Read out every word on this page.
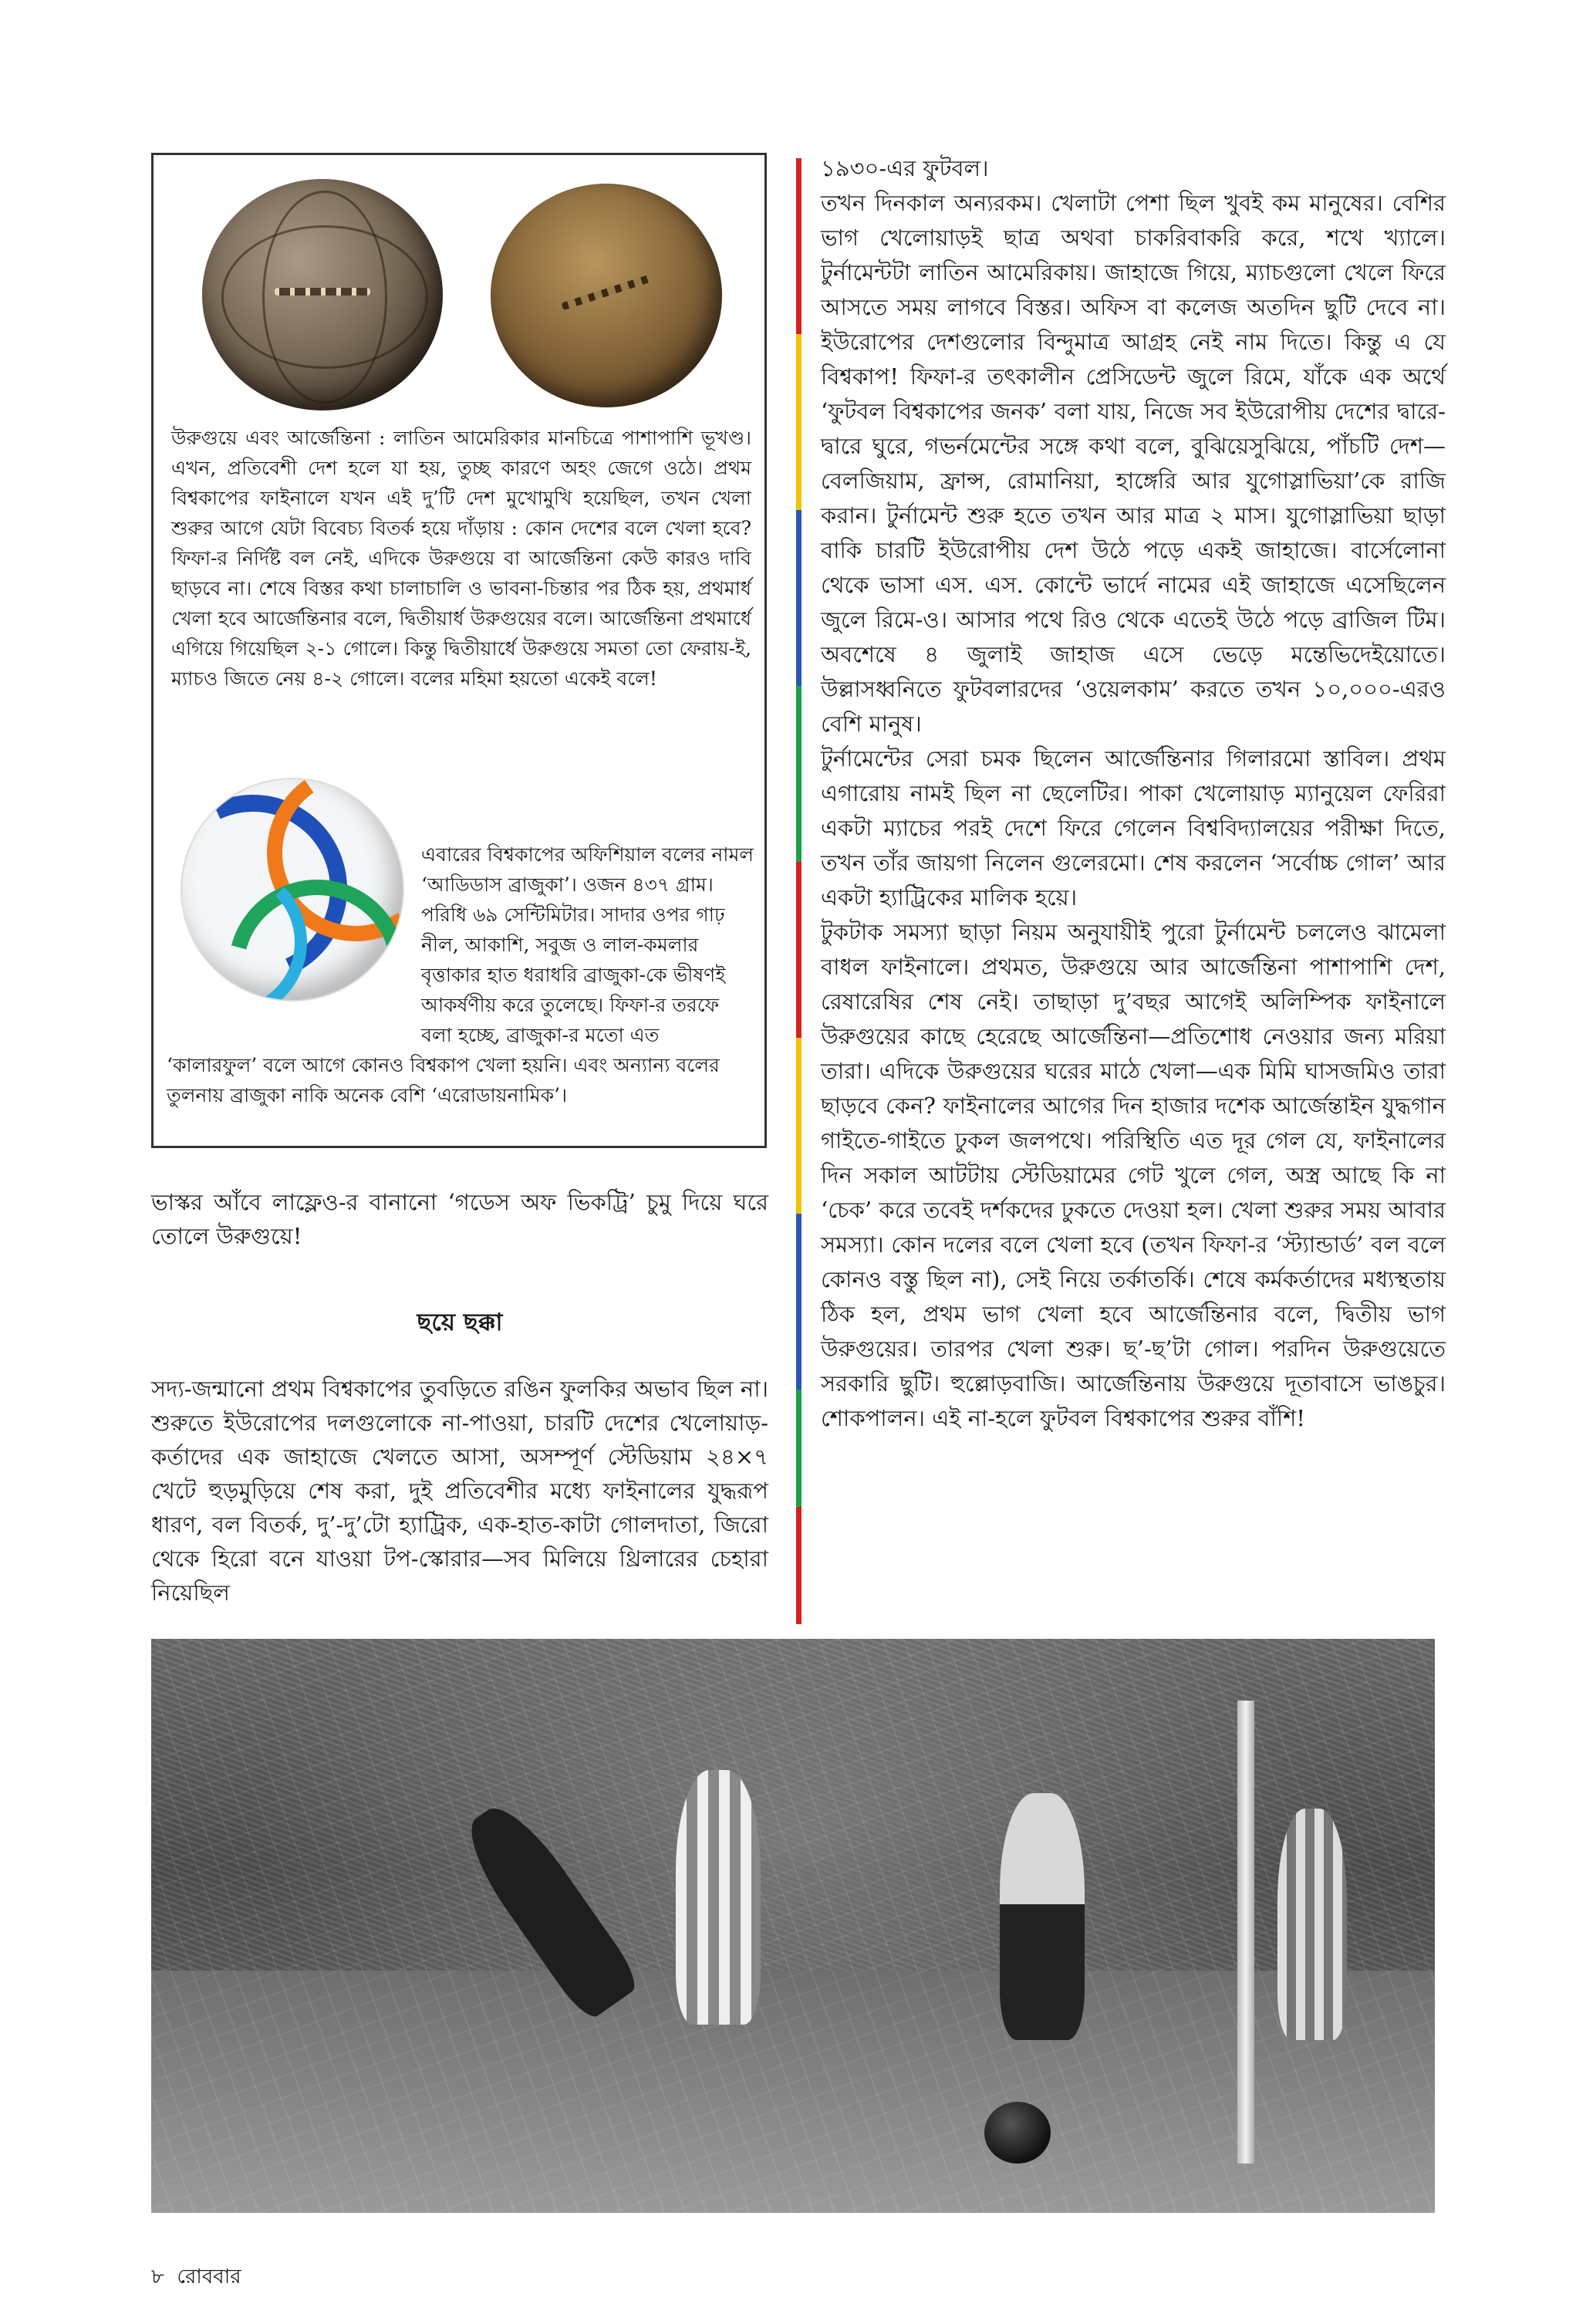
উরুগুয়ে এবং আর্জেন্তিনা : লাতিন আমেরিকার মানচিত্রে পাশাপাশি ভূখণ্ড। এখন, প্রতিবেশী দেশ হলে যা হয়, তুচ্ছ কারণে অহং জেগে ওঠে। প্রথম বিশ্বকাপের ফাইনালে যখন এই দু’টি দেশ মুখোমুখি হয়েছিল, তখন খেলা শুরুর আগে যেটা বিবেচ্য বিতর্ক হয়ে দাঁড়ায় : কোন দেশের বলে খেলা হবে? ফিফা-র নির্দিষ্ট বল নেই, এদিকে উরুগুয়ে বা আর্জেন্তিনা কেউ কারও দাবি ছাড়বে না। শেষে বিস্তর কথা চালাচালি ও ভাবনা-চিন্তার পর ঠিক হয়, প্রথমার্ধ খেলা হবে আর্জেন্তিনার বলে, দ্বিতীয়ার্ধ উরুগুয়ের বলে। আর্জেন্তিনা প্রথমার্ধে এগিয়ে গিয়েছিল ২-১ গোলে। কিন্তু দ্বিতীয়ার্ধে উরুগুয়ে সমতা তো ফেরায়-ই, ম্যাচও জিতে নেয় ৪-২ গোলে। বলের মহিমা হয়তো একেই বলে!

এবারের বিশ্বকাপের অফিশিয়াল বলের নামল ‘আডিডাস ব্রাজুকা’। ওজন ৪৩৭ গ্রাম। পরিধি ৬৯ সেন্টিমিটার। সাদার ওপর গাঢ় নীল, আকাশি, সবুজ ও লাল-কমলার বৃত্তাকার হাত ধরাধরি ব্রাজুকা-কে ভীষণই আকর্ষণীয় করে তুলেছে। ফিফা-র তরফে বলা হচ্ছে, ব্রাজুকা-র মতো এত ‘কালারফুল’ বলে আগে কোনও বিশ্বকাপ খেলা হয়নি। এবং অন্যান্য বলের তুলনায় ব্রাজুকা নাকি অনেক বেশি ‘এরোডায়নামিক’।

ভাস্কর আঁবে লাফ্লেও-র বানানো ‘গডেস অফ ভিকট্রি’ চুমু দিয়ে ঘরে তোলে উরুগুয়ে!
ছয়ে ছক্কা
সদ্য-জন্মানো প্রথম বিশ্বকাপের তুবড়িতে রঙিন ফুলকির অভাব ছিল না। শুরুতে ইউরোপের দলগুলোকে না-পাওয়া, চারটি দেশের খেলোয়াড়-কর্তাদের এক জাহাজে খেলতে আসা, অসম্পূর্ণ স্টেডিয়াম ২৪×৭ খেটে হুড়মুড়িয়ে শেষ করা, দুই প্রতিবেশীর মধ্যে ফাইনালের যুদ্ধরূপ ধারণ, বল বিতর্ক, দু’-দু’টো হ্যাট্রিক, এক-হাত-কাটা গোলদাতা, জিরো থেকে হিরো বনে যাওয়া টপ-স্কোরার—সব মিলিয়ে থ্রিলারের চেহারা নিয়েছিল
১৯৩০-এর ফুটবল।
তখন দিনকাল অন্যরকম। খেলাটা পেশা ছিল খুবই কম মানুষের। বেশির ভাগ খেলোয়াড়ই ছাত্র অথবা চাকরিবাকরি করে, শখে খ্যালে। টুর্নামেন্টটা লাতিন আমেরিকায়। জাহাজে গিয়ে, ম্যাচগুলো খেলে ফিরে আসতে সময় লাগবে বিস্তর। অফিস বা কলেজ অতদিন ছুটি দেবে না। ইউরোপের দেশগুলোর বিন্দুমাত্র আগ্রহ নেই নাম দিতে। কিন্তু এ যে বিশ্বকাপ! ফিফা-র তৎকালীন প্রেসিডেন্ট জুলে রিমে, যাঁকে এক অর্থে ‘ফুটবল বিশ্বকাপের জনক’ বলা যায়, নিজে সব ইউরোপীয় দেশের দ্বারে-দ্বারে ঘুরে, গভর্নমেন্টের সঙ্গে কথা বলে, বুঝিয়েসুঝিয়ে, পাঁচটি দেশ—বেলজিয়াম, ফ্রান্স, রোমানিয়া, হাঙ্গেরি আর যুগোস্লাভিয়া’কে রাজি করান। টুর্নামেন্ট শুরু হতে তখন আর মাত্র ২ মাস। যুগোস্লাভিয়া ছাড়া বাকি চারটি ইউরোপীয় দেশ উঠে পড়ে একই জাহাজে। বার্সেলোনা থেকে ভাসা এস. এস. কোন্টে ভার্দে নামের এই জাহাজে এসেছিলেন জুলে রিমে-ও। আসার পথে রিও থেকে এতেই উঠে পড়ে ব্রাজিল টিম। অবশেষে ৪ জুলাই জাহাজ এসে ভেড়ে মন্তেভিদেইয়োতে। উল্লাসধ্বনিতে ফুটবলারদের ‘ওয়েলকাম’ করতে তখন ১০,০০০-এরও বেশি মানুষ।
টুর্নামেন্টের সেরা চমক ছিলেন আর্জেন্তিনার গিলারমো স্তাবিল। প্রথম এগারোয় নামই ছিল না ছেলেটির। পাকা খেলোয়াড় ম্যানুয়েল ফেরিরা একটা ম্যাচের পরই দেশে ফিরে গেলেন বিশ্ববিদ্যালয়ের পরীক্ষা দিতে, তখন তাঁর জায়গা নিলেন গুলেরমো। শেষ করলেন ‘সর্বোচ্চ গোল’ আর একটা হ্যাট্রিকের মালিক হয়ে।
টুকটাক সমস্যা ছাড়া নিয়ম অনুযায়ীই পুরো টুর্নামেন্ট চললেও ঝামেলা বাধল ফাইনালে। প্রথমত, উরুগুয়ে আর আর্জেন্তিনা পাশাপাশি দেশ, রেষারেষির শেষ নেই। তাছাড়া দু’বছর আগেই অলিম্পিক ফাইনালে উরুগুয়ের কাছে হেরেছে আর্জেন্তিনা—প্রতিশোধ নেওয়ার জন্য মরিয়া তারা। এদিকে উরুগুয়ের ঘরের মাঠে খেলা—এক মিমি ঘাসজমিও তারা ছাড়বে কেন? ফাইনালের আগের দিন হাজার দশেক আর্জেন্তাইন যুদ্ধগান গাইতে-গাইতে ঢুকল জলপথে। পরিস্থিতি এত দূর গেল যে, ফাইনালের দিন সকাল আটটায় স্টেডিয়ামের গেট খুলে গেল, অস্ত্র আছে কি না ‘চেক’ করে তবেই দর্শকদের ঢুকতে দেওয়া হল। খেলা শুরুর সময় আবার সমস্যা। কোন দলের বলে খেলা হবে (তখন ফিফা-র ‘স্ট্যান্ডার্ড’ বল বলে কোনও বস্তু ছিল না), সেই নিয়ে তর্কাতর্কি। শেষে কর্মকর্তাদের মধ্যস্থতায় ঠিক হল, প্রথম ভাগ খেলা হবে আর্জেন্তিনার বলে, দ্বিতীয় ভাগ উরুগুয়ের। তারপর খেলা শুরু। ছ’-ছ’টা গোল। পরদিন উরুগুয়েতে সরকারি ছুটি। হুল্লোড়বাজি। আর্জেন্তিনায় উরুগুয়ে দূতাবাসে ভাঙচুর। শোকপালন। এই না-হলে ফুটবল বিশ্বকাপের শুরুর বাঁশি!
৮ রোববার
